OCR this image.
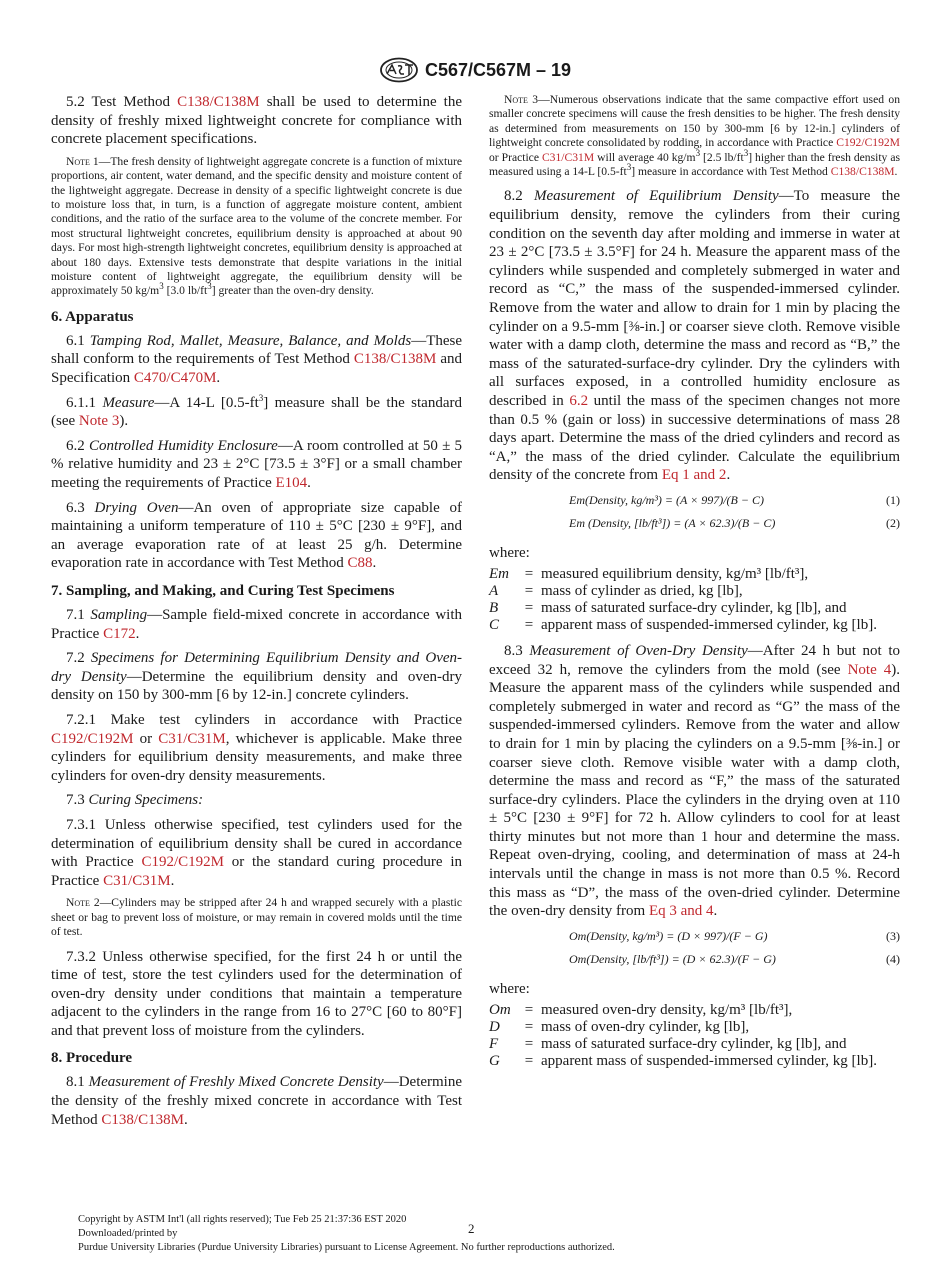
C567/C567M – 19

5.2 Test Method C138/C138M shall be used to determine the density of freshly mixed lightweight concrete for compliance with concrete placement specifications.

Note 1—The fresh density of lightweight aggregate concrete is a function of mixture proportions, air content, water demand, and the specific density and moisture content of the lightweight aggregate. Decrease in density of a specific lightweight concrete is due to moisture loss that, in turn, is a function of aggregate moisture content, ambient conditions, and the ratio of the surface area to the volume of the concrete member. For most structural lightweight concretes, equilibrium density is approached at about 90 days. For most high-strength lightweight concretes, equilibrium density is approached at about 180 days. Extensive tests demonstrate that despite variations in the initial moisture content of lightweight aggregate, the equilibrium density will be approximately 50 $kg/m^3$ [3.0 $lb/ft^3$] greater than the oven-dry density.

6. Apparatus

6.1 Tamping Rod, Mallet, Measure, Balance, and Molds—These shall conform to the requirements of Test Method C138/C138M and Specification C470/C470M.

6.1.1 Measure—A 14-L $[0.5-ft^3]$ measure shall be the standard (see Note 3).

6.2 Controlled Humidity Enclosure—A room controlled at 50 ± 5 % relative humidity and 23 ± 2°C [73.5 ± 3°F] or a small chamber meeting the requirements of Practice E104.

6.3 Drying Oven—An oven of appropriate size capable of maintaining a uniform temperature of 110 ± 5°C [230 ± 9°F], and an average evaporation rate of at least 25 g/h. Determine evaporation rate in accordance with Test Method C88.

7. Sampling, and Making, and Curing Test Specimens

7.1 Sampling—Sample field-mixed concrete in accordance with Practice C172.

7.2 Specimens for Determining Equilibrium Density and Oven-dry Density—Determine the equilibrium density and oven-dry density on 150 by 300-mm [6 by 12-in.] concrete cylinders.

7.2.1 Make test cylinders in accordance with Practice C192/C192M or C31/C31M, whichever is applicable. Make three cylinders for equilibrium density measurements, and make three cylinders for oven-dry density measurements.

7.3 Curing Specimens:

7.3.1 Unless otherwise specified, test cylinders used for the determination of equilibrium density shall be cured in accordance with Practice C192/C192M or the standard curing procedure in Practice C31/C31M.

Note 2—Cylinders may be stripped after 24 h and wrapped securely with a plastic sheet or bag to prevent loss of moisture, or may remain in covered molds until the time of test.

7.3.2 Unless otherwise specified, for the first 24 h or until the time of test, store the test cylinders used for the determination of oven-dry density under conditions that maintain a temperature adjacent to the cylinders in the range from 16 to 27°C [60 to 80°F] and that prevent loss of moisture from the cylinders.

8. Procedure

8.1 Measurement of Freshly Mixed Concrete Density—Determine the density of the freshly mixed concrete in accordance with Test Method C138/C138M.

Note 3—Numerous observations indicate that the same compactive effort used on smaller concrete specimens will cause the fresh densities to be higher. The fresh density as determined from measurements on 150 by 300-mm [6 by 12-in.] cylinders of lightweight concrete consolidated by rodding, in accordance with Practice C192/C192M or Practice C31/C31M will average 40 $kg/m^3$ [2.5 $lb/ft^3$] higher than the fresh density as measured using a 14-L $[0.5-ft^3]$ measure in accordance with Test Method C138/C138M.

8.2 Measurement of Equilibrium Density—To measure the equilibrium density, remove the cylinders from their curing condition on the seventh day after molding and immerse in water at 23 ± 2°C [73.5 ± 3.5°F] for 24 h. Measure the apparent mass of the cylinders while suspended and completely submerged in water and record as “C,” the mass of the suspended-immersed cylinder. Remove from the water and allow to drain for 1 min by placing the cylinder on a 9.5-mm [⅜-in.] or coarser sieve cloth. Remove visible water with a damp cloth, determine the mass and record as “B,” the mass of the saturated-surface-dry cylinder. Dry the cylinders with all surfaces exposed, in a controlled humidity enclosure as described in 6.2 until the mass of the specimen changes not more than 0.5 % (gain or loss) in successive determinations of mass 28 days apart. Determine the mass of the dried cylinders and record as “A,” the mass of the dried cylinder. Calculate the equilibrium density of the concrete from Eq 1 and 2.

Em(Density, kg/m³) = (A × 997)/(B − C)	(1)
Em (Density, [lb/ft³]) = (A × 62.3)/(B − C)	(2)

where:

Em	=	measured equilibrium density, kg/m³ [lb/ft³],
A	=	mass of cylinder as dried, kg [lb],
B	=	mass of saturated surface-dry cylinder, kg [lb], and
C	=	apparent mass of suspended-immersed cylinder, kg [lb].

8.3 Measurement of Oven-Dry Density—After 24 h but not to exceed 32 h, remove the cylinders from the mold (see Note 4). Measure the apparent mass of the cylinders while suspended and completely submerged in water and record as “G” the mass of the suspended-immersed cylinders. Remove from the water and allow to drain for 1 min by placing the cylinders on a 9.5-mm [⅜-in.] or coarser sieve cloth. Remove visible water with a damp cloth, determine the mass and record as “F,” the mass of the saturated surface-dry cylinders. Place the cylinders in the drying oven at 110 ± 5°C [230 ± 9°F] for 72 h. Allow cylinders to cool for at least thirty minutes but not more than 1 hour and determine the mass. Repeat oven-drying, cooling, and determination of mass at 24-h intervals until the change in mass is not more than 0.5 %. Record this mass as “D”, the mass of the oven-dried cylinder. Determine the oven-dry density from Eq 3 and 4.

Om(Density, kg/m³) = (D × 997)/(F − G)	(3)
Om(Density, [lb/ft³]) = (D × 62.3)/(F − G)	(4)

where:

Om	=	measured oven-dry density, kg/m³ [lb/ft³],
D	=	mass of oven-dry cylinder, kg [lb],
F	=	mass of saturated surface-dry cylinder, kg [lb], and
G	=	apparent mass of suspended-immersed cylinder, kg [lb].
2
Copyright by ASTM Int'l (all rights reserved); Tue Feb 25 21:37:36 EST 2020
Downloaded/printed by
Purdue University Libraries (Purdue University Libraries) pursuant to License Agreement. No further reproductions authorized.
